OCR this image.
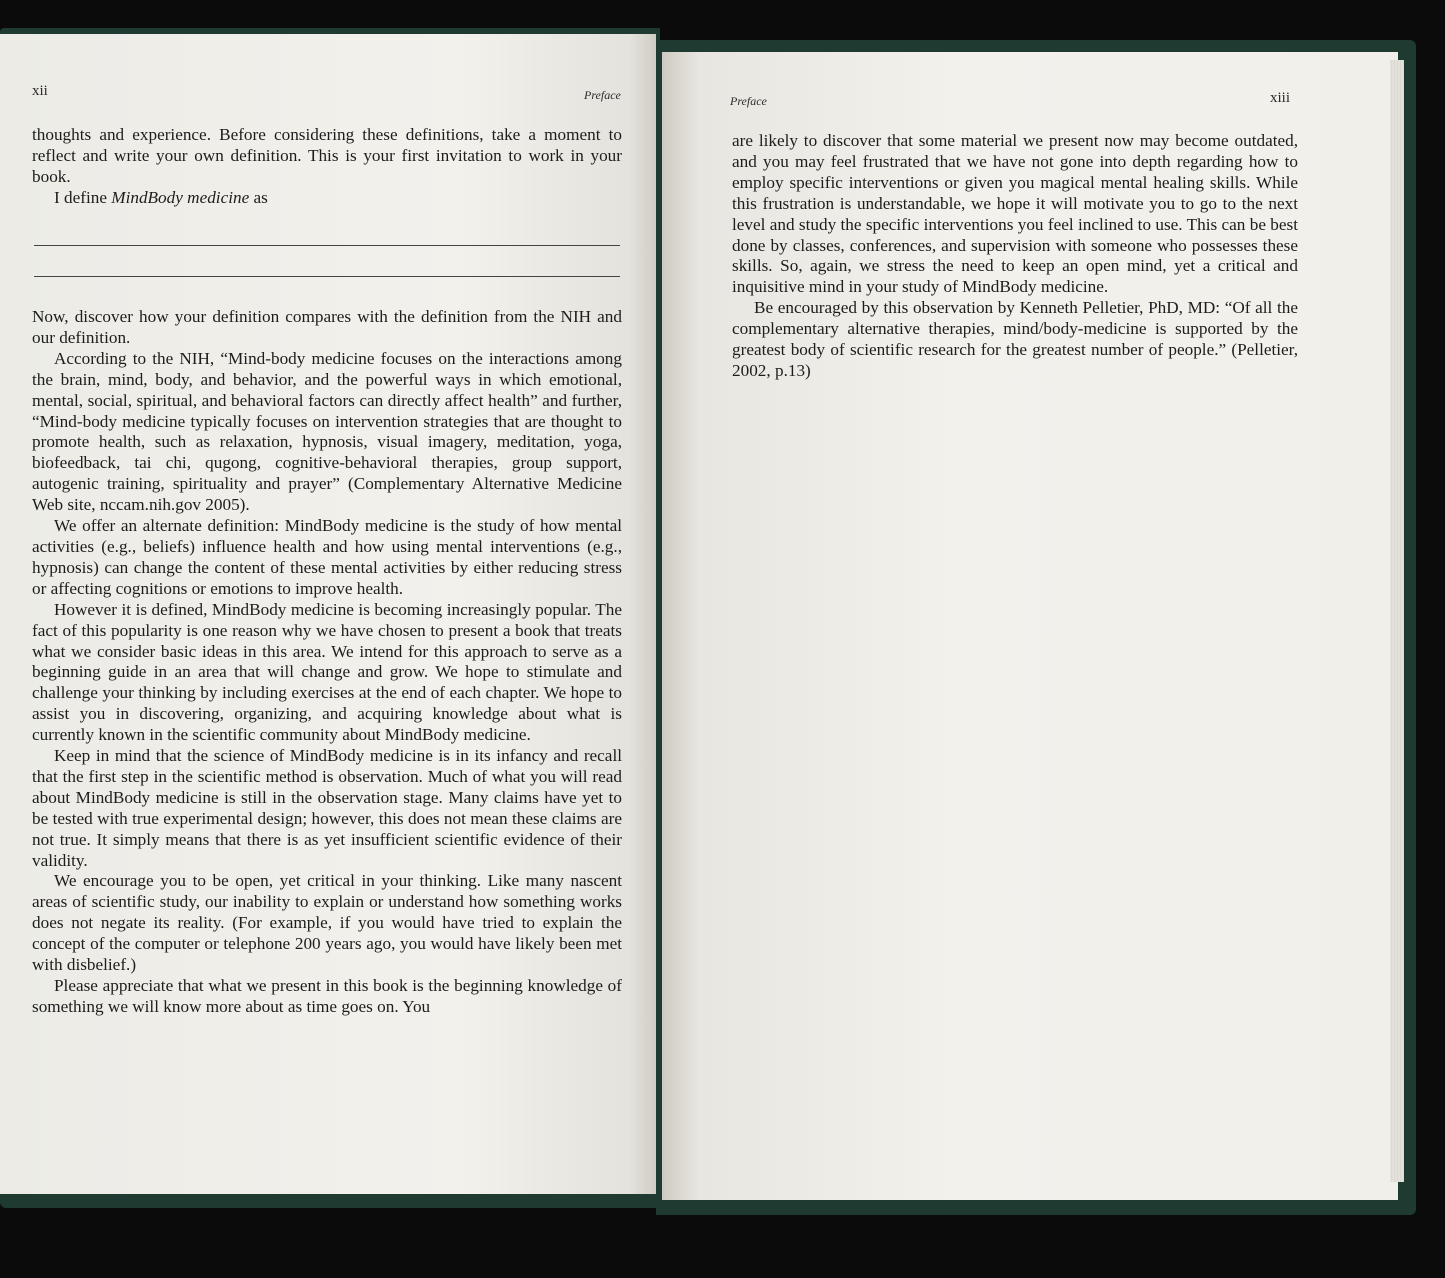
xii	Preface

thoughts and experience. Before considering these definitions, take a moment to reflect and write your own definition. This is your first invitation to work in your book.

I define MindBody medicine as

Now, discover how your definition compares with the definition from the NIH and our definition.

According to the NIH, “Mind-body medicine focuses on the interactions among the brain, mind, body, and behavior, and the powerful ways in which emotional, mental, social, spiritual, and behavioral factors can directly affect health” and further, “Mind-body medicine typically focuses on intervention strategies that are thought to promote health, such as relaxation, hypnosis, visual imagery, meditation, yoga, biofeedback, tai chi, qugong, cognitive-behavioral therapies, group support, autogenic training, spirituality and prayer” (Complementary Alternative Medicine Web site, nccam.nih.gov 2005).

We offer an alternate definition: MindBody medicine is the study of how mental activities (e.g., beliefs) influence health and how using mental interventions (e.g., hypnosis) can change the content of these mental activities by either reducing stress or affecting cognitions or emotions to improve health.

However it is defined, MindBody medicine is becoming increasingly popular. The fact of this popularity is one reason why we have chosen to present a book that treats what we consider basic ideas in this area. We intend for this approach to serve as a beginning guide in an area that will change and grow. We hope to stimulate and challenge your thinking by including exercises at the end of each chapter. We hope to assist you in discovering, organizing, and acquiring knowledge about what is currently known in the scientific community about MindBody medicine.

Keep in mind that the science of MindBody medicine is in its infancy and recall that the first step in the scientific method is observation. Much of what you will read about MindBody medicine is still in the observation stage. Many claims have yet to be tested with true experimental design; however, this does not mean these claims are not true. It simply means that there is as yet insufficient scientific evidence of their validity.

We encourage you to be open, yet critical in your thinking. Like many nascent areas of scientific study, our inability to explain or understand how something works does not negate its reality. (For example, if you would have tried to explain the concept of the computer or telephone 200 years ago, you would have likely been met with disbelief.)

Please appreciate that what we present in this book is the beginning knowledge of something we will know more about as time goes on. You

Preface	xiii

are likely to discover that some material we present now may become outdated, and you may feel frustrated that we have not gone into depth regarding how to employ specific interventions or given you magical mental healing skills. While this frustration is understandable, we hope it will motivate you to go to the next level and study the specific interventions you feel inclined to use. This can be best done by classes, conferences, and supervision with someone who possesses these skills. So, again, we stress the need to keep an open mind, yet a critical and inquisitive mind in your study of MindBody medicine.

Be encouraged by this observation by Kenneth Pelletier, PhD, MD: “Of all the complementary alternative therapies, mind/body-medicine is supported by the greatest body of scientific research for the greatest number of people.” (Pelletier, 2002, p.13)
